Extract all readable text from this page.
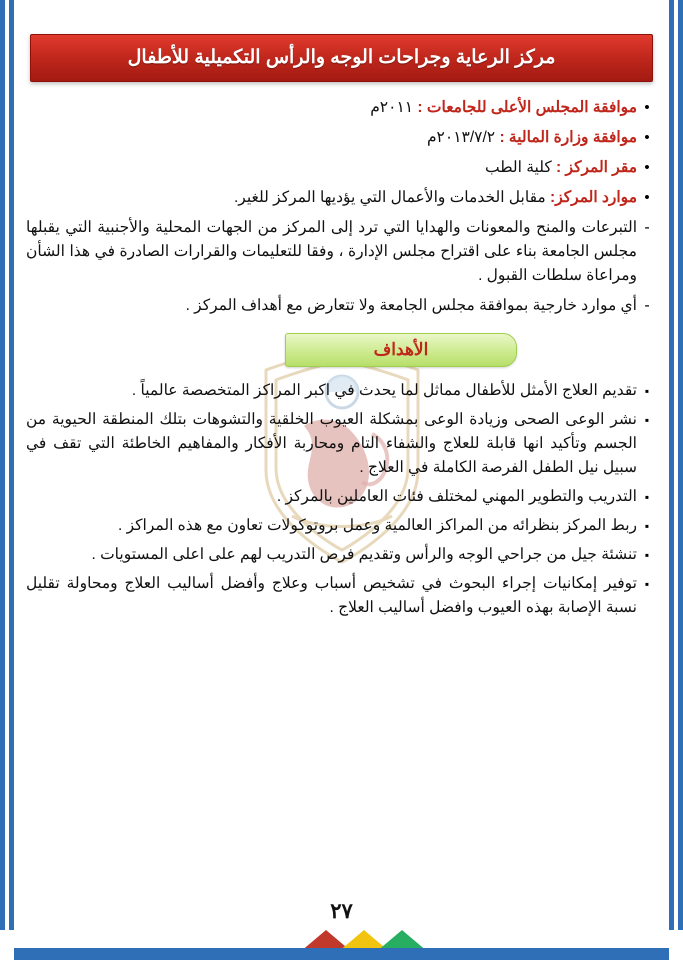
مركز الرعاية وجراحات الوجه والرأس التكميلية للأطفال
•
موافقة المجلس الأعلى للجامعات : ٢٠١١م
•
موافقة وزارة المالية : ٢٠١٣/٧/٢م
•
مقر المركز : كلية الطب
•
موارد المركز: مقابل الخدمات والأعمال التي يؤديها المركز للغير.
-
التبرعات والمنح والمعونات والهدايا التي ترد إلى المركز من الجهات المحلية والأجنبية التي يقبلها مجلس الجامعة بناء على اقتراح مجلس الإدارة ، وفقا للتعليمات والقرارات الصادرة في هذا الشأن ومراعاة سلطات القبول .
-
أي موارد خارجية بموافقة مجلس الجامعة ولا تتعارض مع أهداف المركز .
الأهداف
▪
تقديم العلاج الأمثل للأطفال مماثل لما يحدث في اكبر المراكز المتخصصة عالمياً .
▪
نشر الوعى الصحى وزيادة الوعى بمشكلة العيوب الخلقية والتشوهات بتلك المنطقة الحيوية من الجسم وتأكيد انها قابلة للعلاج والشفاء التام ومحاربة الأفكار والمفاهيم الخاطئة التي تقف في سبيل نيل الطفل الفرصة الكاملة في العلاج .
▪
التدريب والتطوير المهني لمختلف فئات العاملين بالمركز .
▪
ربط المركز بنظرائه من المراكز العالمية وعمل بروتوكولات تعاون مع هذه المراكز .
▪
تنشئة جيل من جراحي الوجه والرأس وتقديم فرص التدريب لهم على اعلى المستويات .
▪
توفير إمكانيات إجراء البحوث في تشخيص أسباب وعلاج وأفضل أساليب العلاج ومحاولة تقليل نسبة الإصابة بهذه العيوب وافضل أساليب العلاج .
٢٧
